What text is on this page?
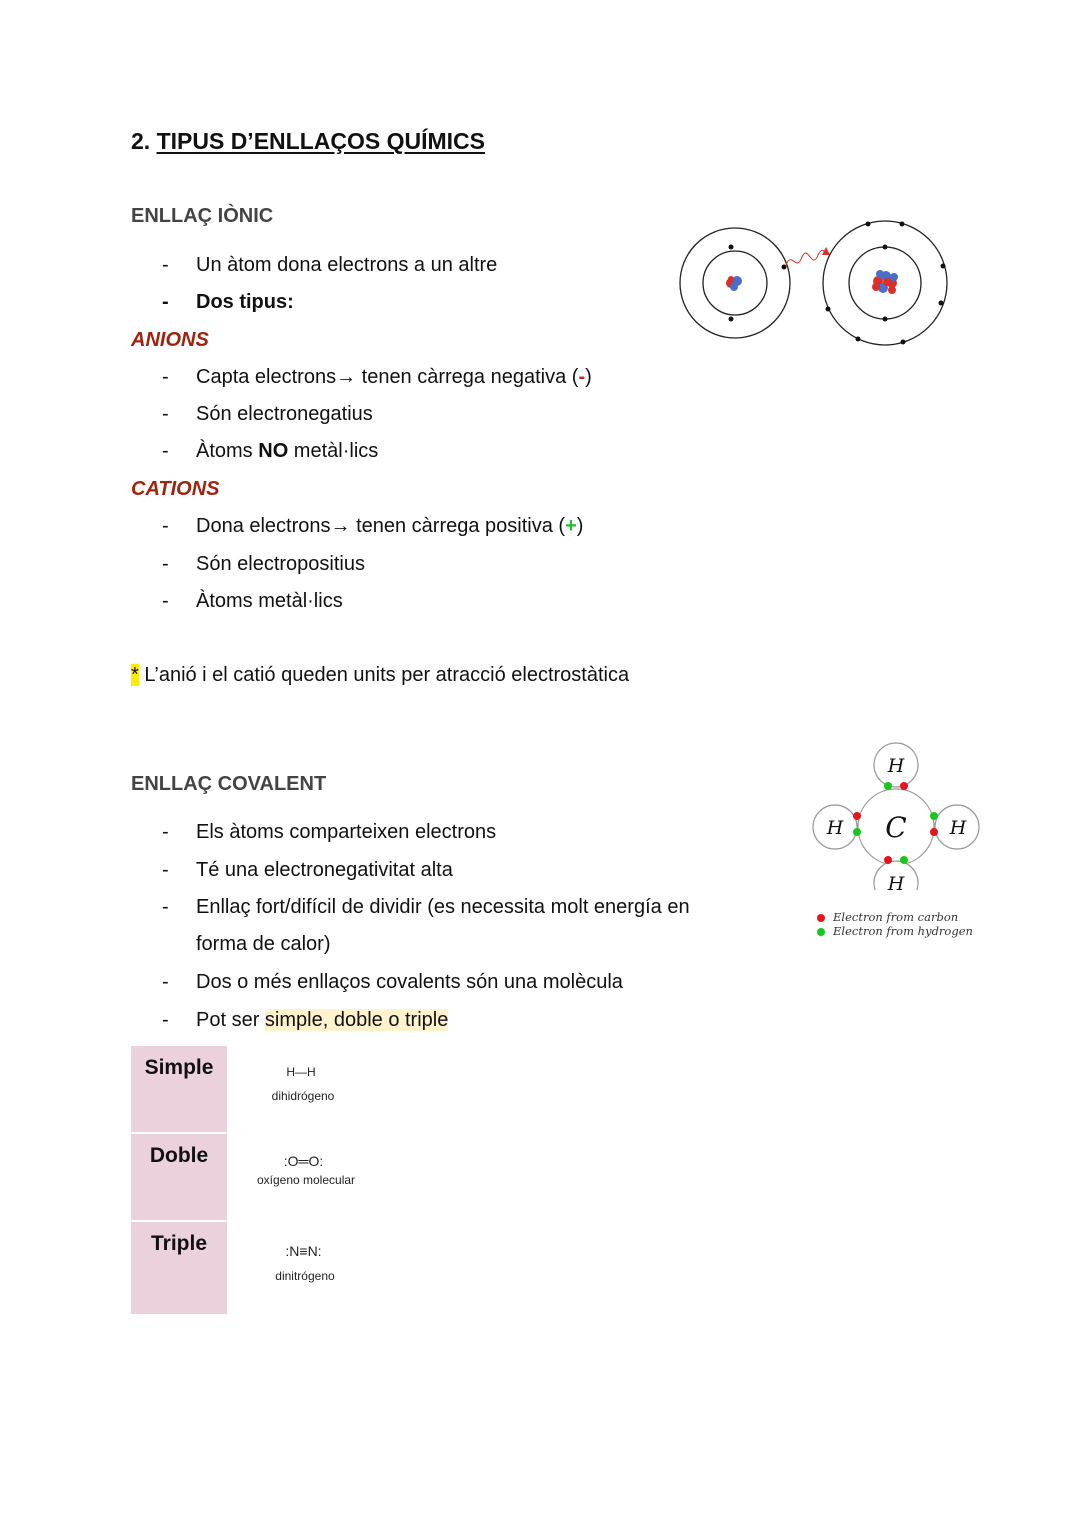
2. TIPUS D’ENLLAÇOS QUÍMICS
ENLLAÇ IÒNIC
-	Un àtom dona electrons a un altre
-	Dos tipus:
ANIONS
-	Capta electrons→ tenen càrrega negativa (-)
-	Són electronegatius
-	Àtoms NO metàl·lics
CATIONS
-	Dona electrons→ tenen càrrega positiva (+)
-	Són electropositius
-	Àtoms metàl·lics
* L’anió i el catió queden units per atracció electrostàtica
ENLLAÇ COVALENT
-	Els àtoms comparteixen electrons
-	Té una electronegativitat alta
-	Enllaç fort/difícil de dividir (es necessita molt energía en
forma de calor)
-	Dos o més enllaços covalents són una molècula
-	Pot ser simple, doble o triple
C
H
H
H	H
Electron from carbon
Electron from hydrogen
Simple	H—H
dihidrógeno
Doble	:O═O:
oxígeno molecular
Triple	:N≡N:
dinitrógeno
